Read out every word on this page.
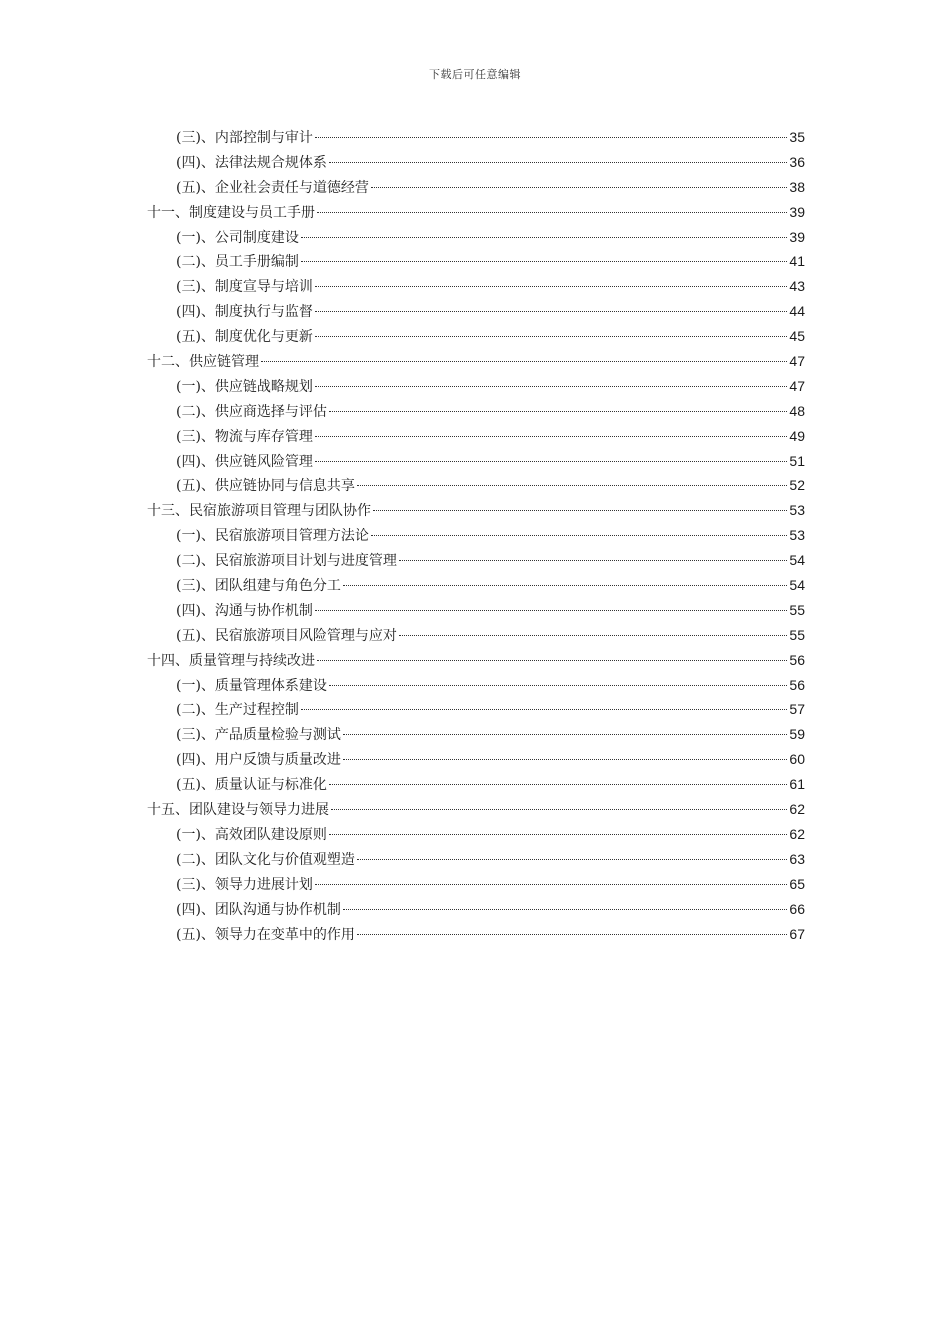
下载后可任意编辑
(三)、内部控制与审计	35
(四)、法律法规合规体系	36
(五)、企业社会责任与道德经营	38
十一、制度建设与员工手册	39
(一)、公司制度建设	39
(二)、员工手册编制	41
(三)、制度宣导与培训	43
(四)、制度执行与监督	44
(五)、制度优化与更新	45
十二、供应链管理	47
(一)、供应链战略规划	47
(二)、供应商选择与评估	48
(三)、物流与库存管理	49
(四)、供应链风险管理	51
(五)、供应链协同与信息共享	52
十三、民宿旅游项目管理与团队协作	53
(一)、民宿旅游项目管理方法论	53
(二)、民宿旅游项目计划与进度管理	54
(三)、团队组建与角色分工	54
(四)、沟通与协作机制	55
(五)、民宿旅游项目风险管理与应对	55
十四、质量管理与持续改进	56
(一)、质量管理体系建设	56
(二)、生产过程控制	57
(三)、产品质量检验与测试	59
(四)、用户反馈与质量改进	60
(五)、质量认证与标准化	61
十五、团队建设与领导力进展	62
(一)、高效团队建设原则	62
(二)、团队文化与价值观塑造	63
(三)、领导力进展计划	65
(四)、团队沟通与协作机制	66
(五)、领导力在变革中的作用	67
